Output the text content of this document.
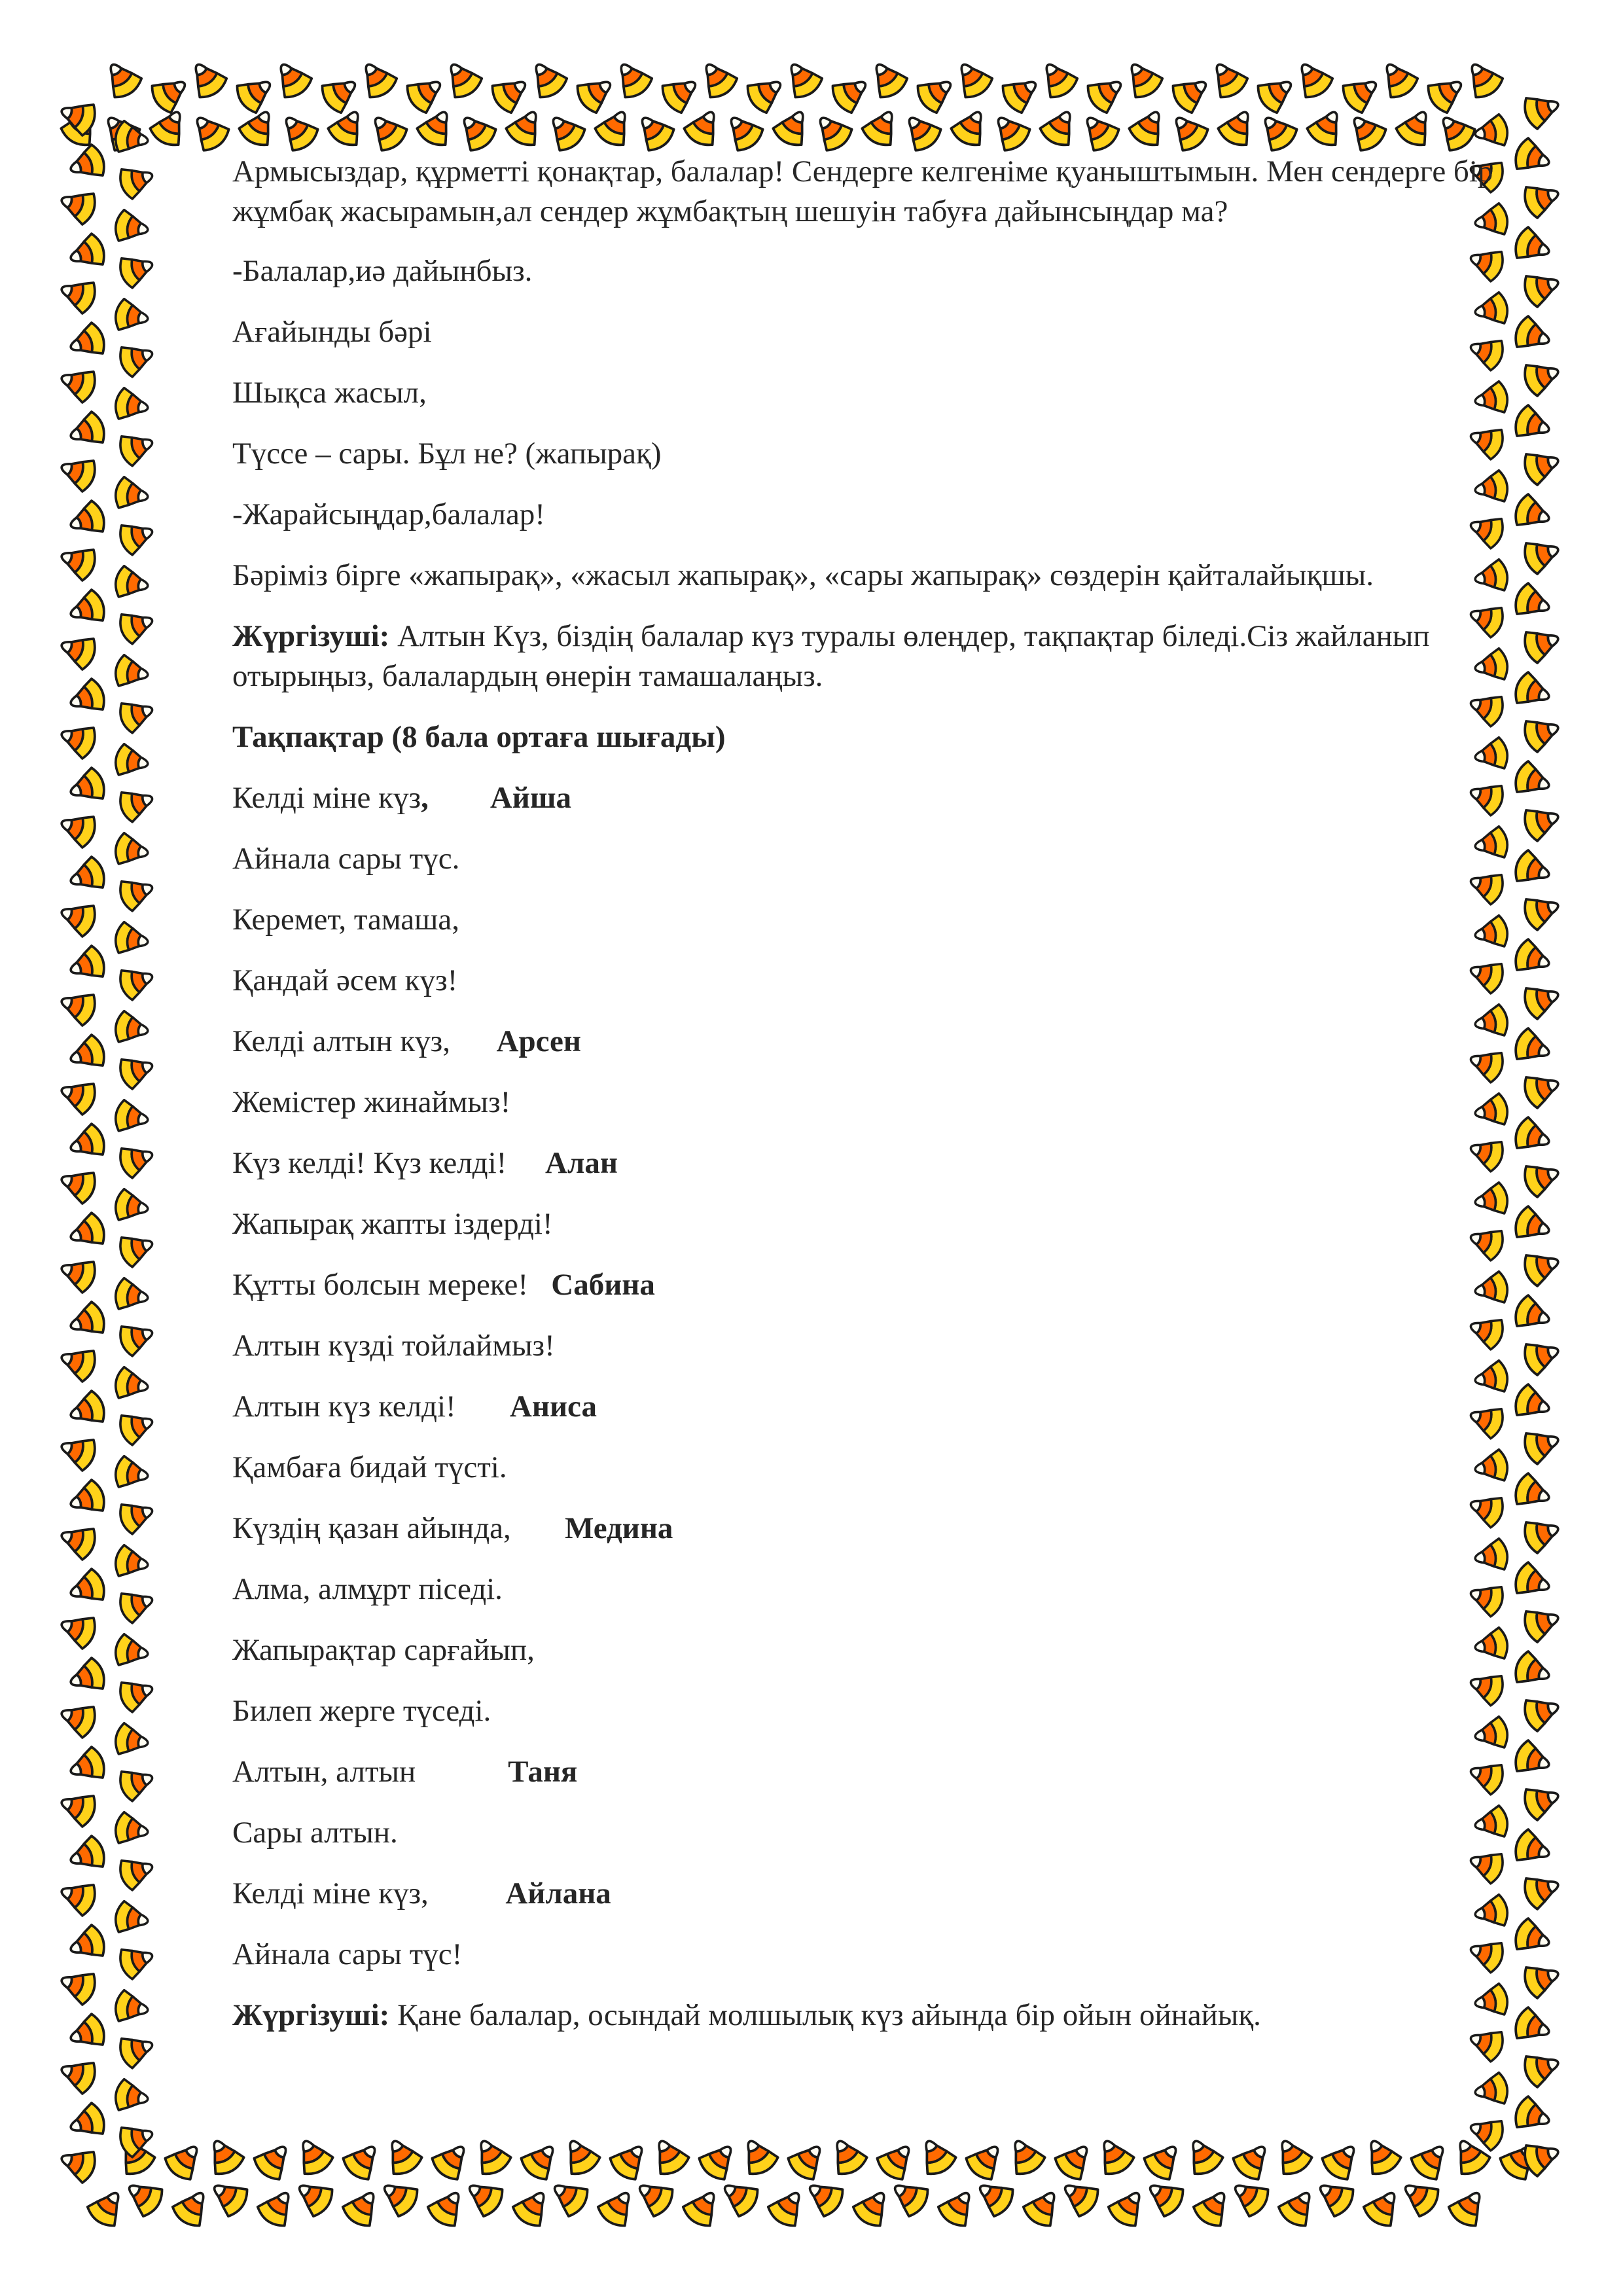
Армысыздар, құрметті қонақтар, балалар! Сендерге келгеніме қуаныштымын. Мен сендерге бір жұмбақ жасырамын,ал сендер жұмбақтың шешуін табуға дайынсыңдар ма?

-Балалар,иә дайынбыз.

Ағайынды бәрі

Шықса жасыл,

Түссе – сары. Бұл не? (жапырақ)

-Жарайсыңдар,балалар!

Бәріміз бірге «жапырақ», «жасыл жапырақ», «сары жапырақ» сөздерін қайталайықшы.

Жүргізуші: Алтын Күз, біздің балалар күз туралы өлеңдер, тақпақтар біледі.Сіз жайланып отырыңыз, балалардың өнерін тамашалаңыз.

Тақпақтар (8 бала ортаға шығады)

Келді міне күз, Айша

Айнала сары түс.

Керемет, тамаша,

Қандай әсем күз!

Келді алтын күз, Арсен

Жемістер жинаймыз!

Күз келді! Күз келді! Алан

Жапырақ жапты іздерді!

Құтты болсын мереке! Сабина

Алтын күзді тойлаймыз!

Алтын күз келді! Аниса

Қамбаға бидай түсті.

Күздің қазан айында, Медина

Алма, алмұрт піседі.

Жапырақтар сарғайып,

Билеп жерге түседі.

Алтын, алтын	Таня

Сары алтын.

Келді міне күз,	Айлана

Айнала сары түс!

Жүргізуші: Қане балалар, осындай молшылық күз айында бір ойын ойнайық.
